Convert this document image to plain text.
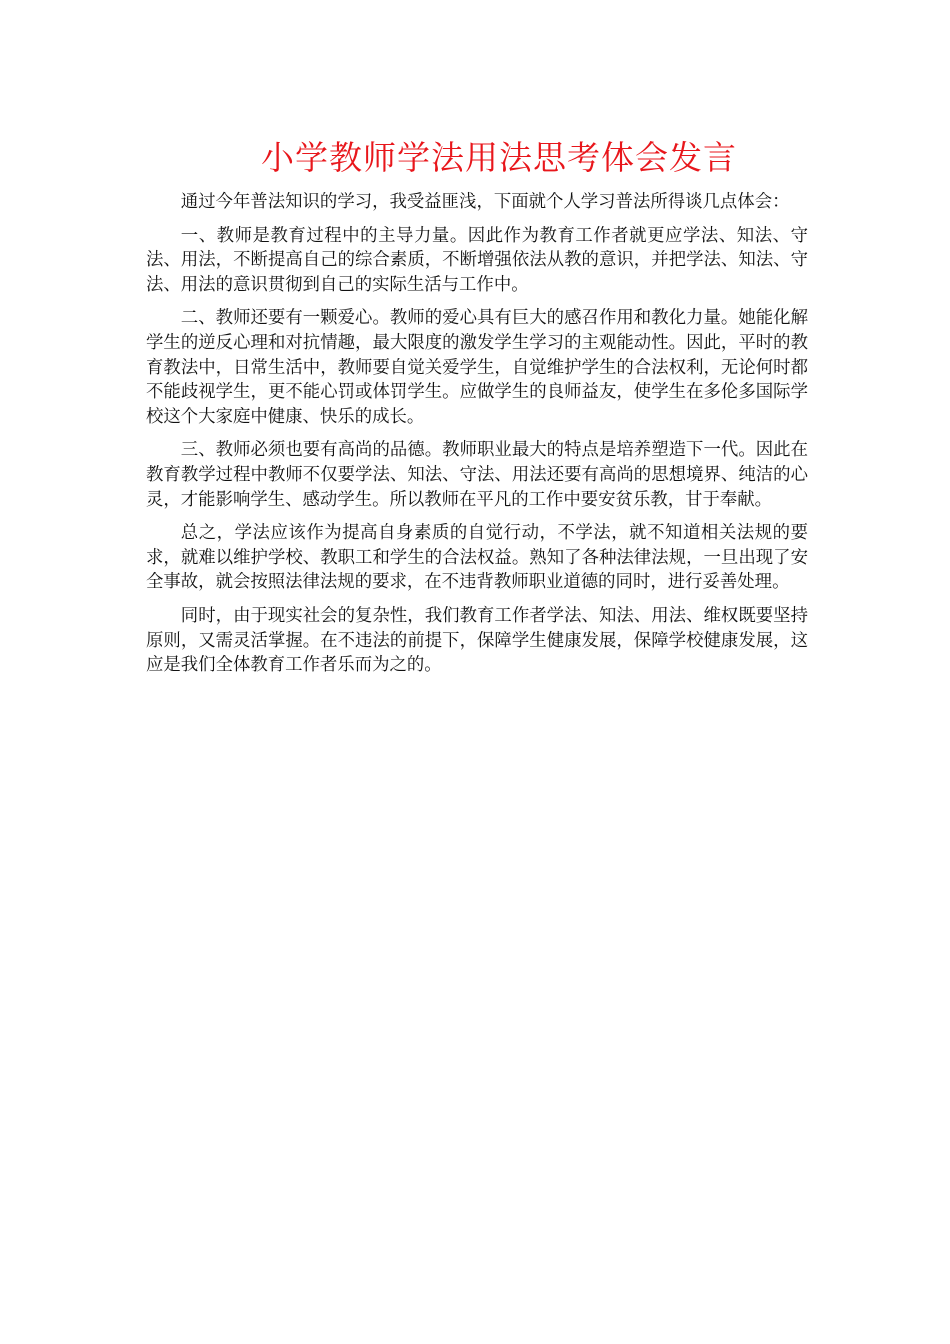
小学教师学法用法思考体会发言

通过今年普法知识的学习，我受益匪浅，下面就个人学习普法所得谈几点体会：

一、教师是教育过程中的主导力量。因此作为教育工作者就更应学法、知法、守法、用法，不断提高自己的综合素质，不断增强依法从教的意识，并把学法、知法、守法、用法的意识贯彻到自己的实际生活与工作中。

二、教师还要有一颗爱心。教师的爱心具有巨大的感召作用和教化力量。她能化解学生的逆反心理和对抗情趣，最大限度的激发学生学习的主观能动性。因此，平时的教育教法中，日常生活中，教师要自觉关爱学生，自觉维护学生的合法权利，无论何时都不能歧视学生，更不能心罚或体罚学生。应做学生的良师益友，使学生在多伦多国际学校这个大家庭中健康、快乐的成长。

三、教师必须也要有高尚的品德。教师职业最大的特点是培养塑造下一代。因此在教育教学过程中教师不仅要学法、知法、守法、用法还要有高尚的思想境界、纯洁的心灵，才能影响学生、感动学生。所以教师在平凡的工作中要安贫乐教，甘于奉献。

总之，学法应该作为提高自身素质的自觉行动，不学法，就不知道相关法规的要求，就难以维护学校、教职工和学生的合法权益。熟知了各种法律法规，一旦出现了安全事故，就会按照法律法规的要求，在不违背教师职业道德的同时，进行妥善处理。

同时，由于现实社会的复杂性，我们教育工作者学法、知法、用法、维权既要坚持原则，又需灵活掌握。在不违法的前提下，保障学生健康发展，保障学校健康发展，这应是我们全体教育工作者乐而为之的。
